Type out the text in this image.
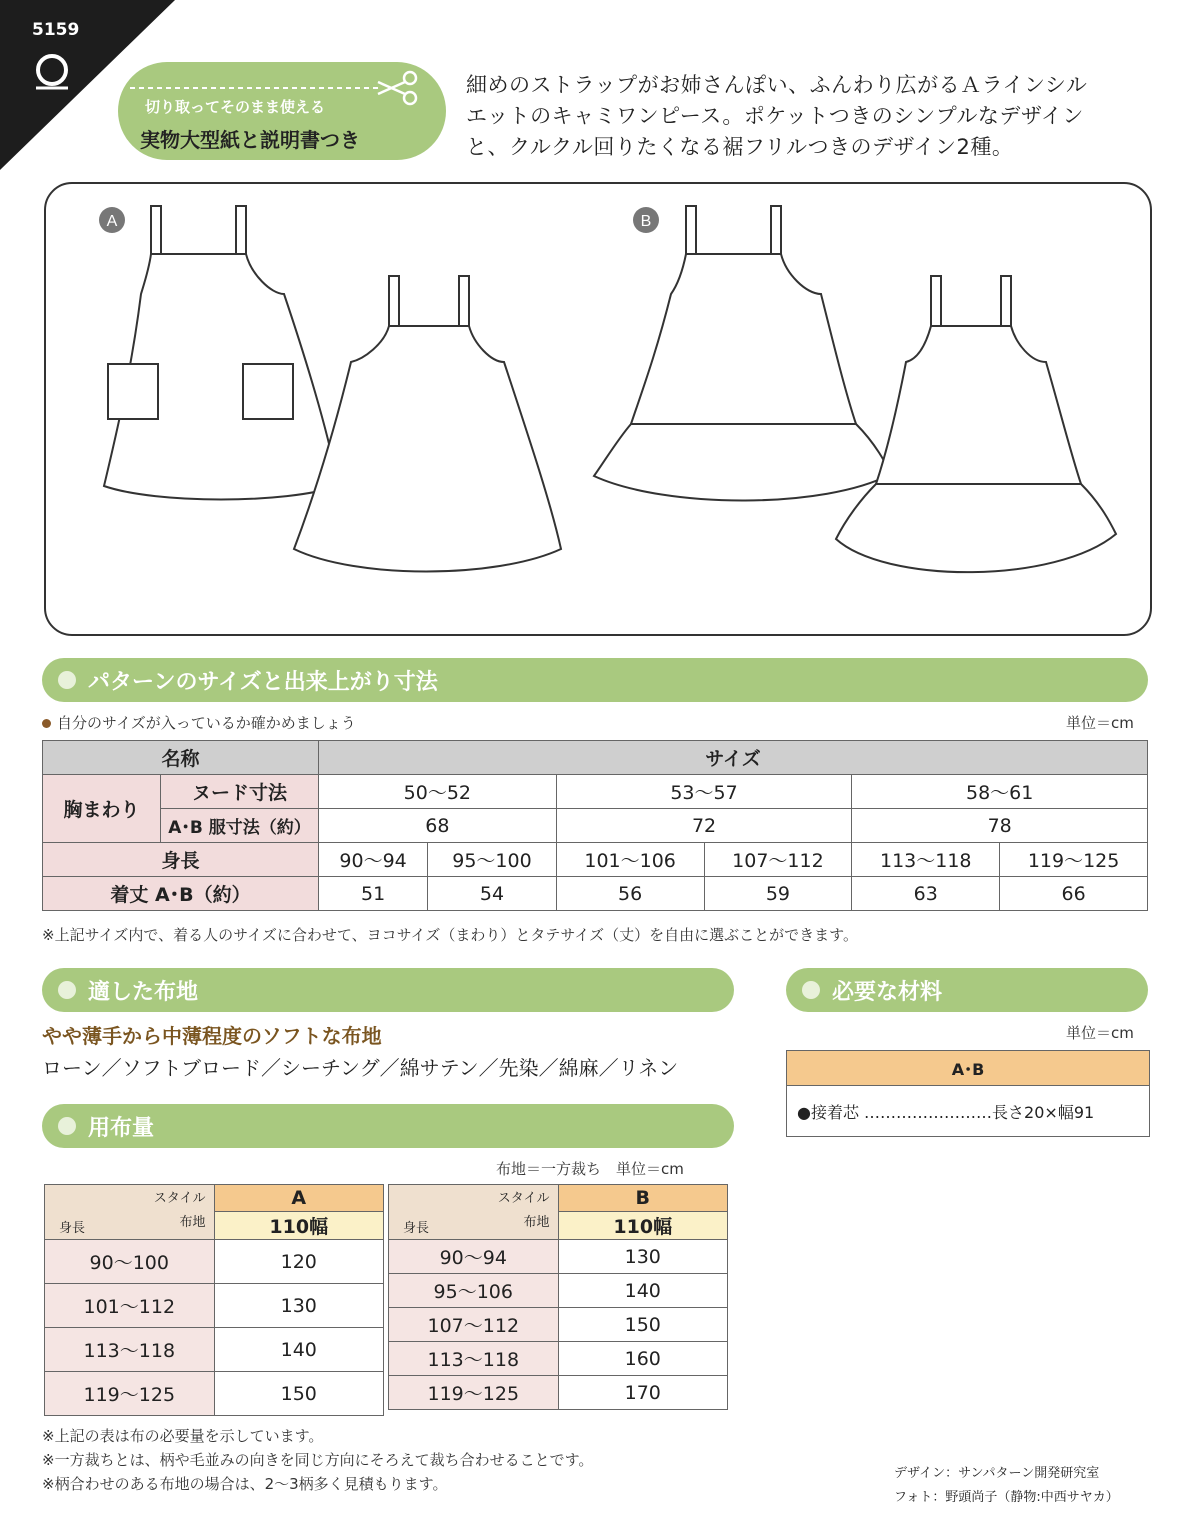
5159
切り取ってそのまま使える
実物大型紙と説明書つき
細めのストラップがお姉さんぽい、ふんわり広がるＡラインシル
エットのキャミワンピース。ポケットつきのシンプルなデザイン
と、クルクル回りたくなる裾フリルつきのデザイン2種。
A	B
パターンのサイズと出来上がり寸法
自分のサイズが入っているか確かめましょう	単位＝cm
名称		サイズ					
胸まわり	ヌード寸法	50〜52		53〜57		58〜61	
	A･B 服寸法（約）	68		72		78	
身長		90〜94	95〜100	101〜106	107〜112	113〜118	119〜125
着丈 A･B（約）		51	54	56	59	63	66
※上記サイズ内で、着る人のサイズに合わせて、ヨコサイズ（まわり）とタテサイズ（丈）を自由に選ぶことができます。
適した布地
やや薄手から中薄程度のソフトな布地
ローン／ソフトブロード／シーチング／綿サテン／先染／綿麻／リネン
必要な材料
単位＝cm
A･B
●接着芯 ……………………長さ20×幅91
用布量
布地＝一方裁ち　単位＝cm
スタイル
布地
身長	A
	110幅
90〜100	120
101〜112	130
113〜118	140
119〜125	150
スタイル
布地
身長	B
	110幅
90〜94	130
95〜106	140
107〜112	150
113〜118	160
119〜125	170
※上記の表は布の必要量を示しています。
※一方裁ちとは、柄や毛並みの向きを同じ方向にそろえて裁ち合わせることです。
※柄合わせのある布地の場合は、2〜3柄多く見積もります。
デザイン：サンパターン開発研究室
フォト：野頭尚子（静物:中西サヤカ）
